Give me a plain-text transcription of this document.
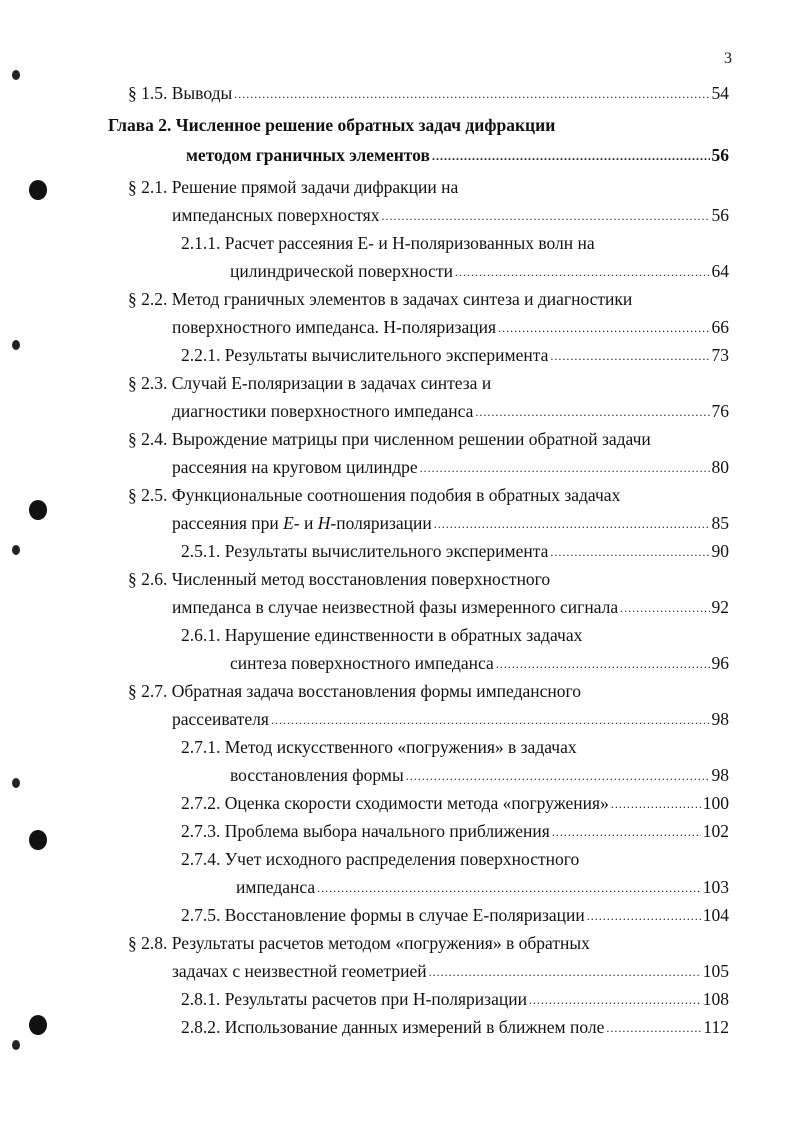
3
§ 1.5. Выводы .....	54
Глава 2. Численное решение обратных задач дифракции
методом граничных элементов .....	56
§ 2.1. Решение прямой задачи дифракции на
импедансных поверхностях .....	56
2.1.1. Расчет рассеяния Е- и Н-поляризованных волн на
цилиндрической поверхности .....	64
§ 2.2. Метод граничных элементов в задачах синтеза и диагностики
поверхностного импеданса. Н-поляризация .....	66
2.2.1. Результаты вычислительного эксперимента .....	73
§ 2.3. Случай Е-поляризации в задачах синтеза и
диагностики поверхностного импеданса .....	76
§ 2.4. Вырождение матрицы при численном решении обратной задачи
рассеяния на круговом цилиндре .....	80
§ 2.5. Функциональные соотношения подобия в обратных задачах
рассеяния при E- и H-поляризации .....	85
2.5.1. Результаты вычислительного эксперимента .....	90
§ 2.6. Численный метод восстановления поверхностного
импеданса в случае неизвестной фазы измеренного сигнала .....	92
2.6.1. Нарушение единственности в обратных задачах
синтеза поверхностного импеданса .....	96
§ 2.7. Обратная задача восстановления формы импедансного
рассеивателя .....	98
2.7.1. Метод искусственного «погружения» в задачах
восстановления формы .....	98
2.7.2. Оценка скорости сходимости метода «погружения» .....	100
2.7.3. Проблема выбора начального приближения .....	102
2.7.4. Учет исходного распределения поверхностного
импеданса .....	103
2.7.5. Восстановление формы в случае Е-поляризации .....	104
§ 2.8. Результаты расчетов методом «погружения» в обратных
задачах с неизвестной геометрией .....	105
2.8.1. Результаты расчетов при Н-поляризации .....	108
2.8.2. Использование данных измерений в ближнем поле .....	112
